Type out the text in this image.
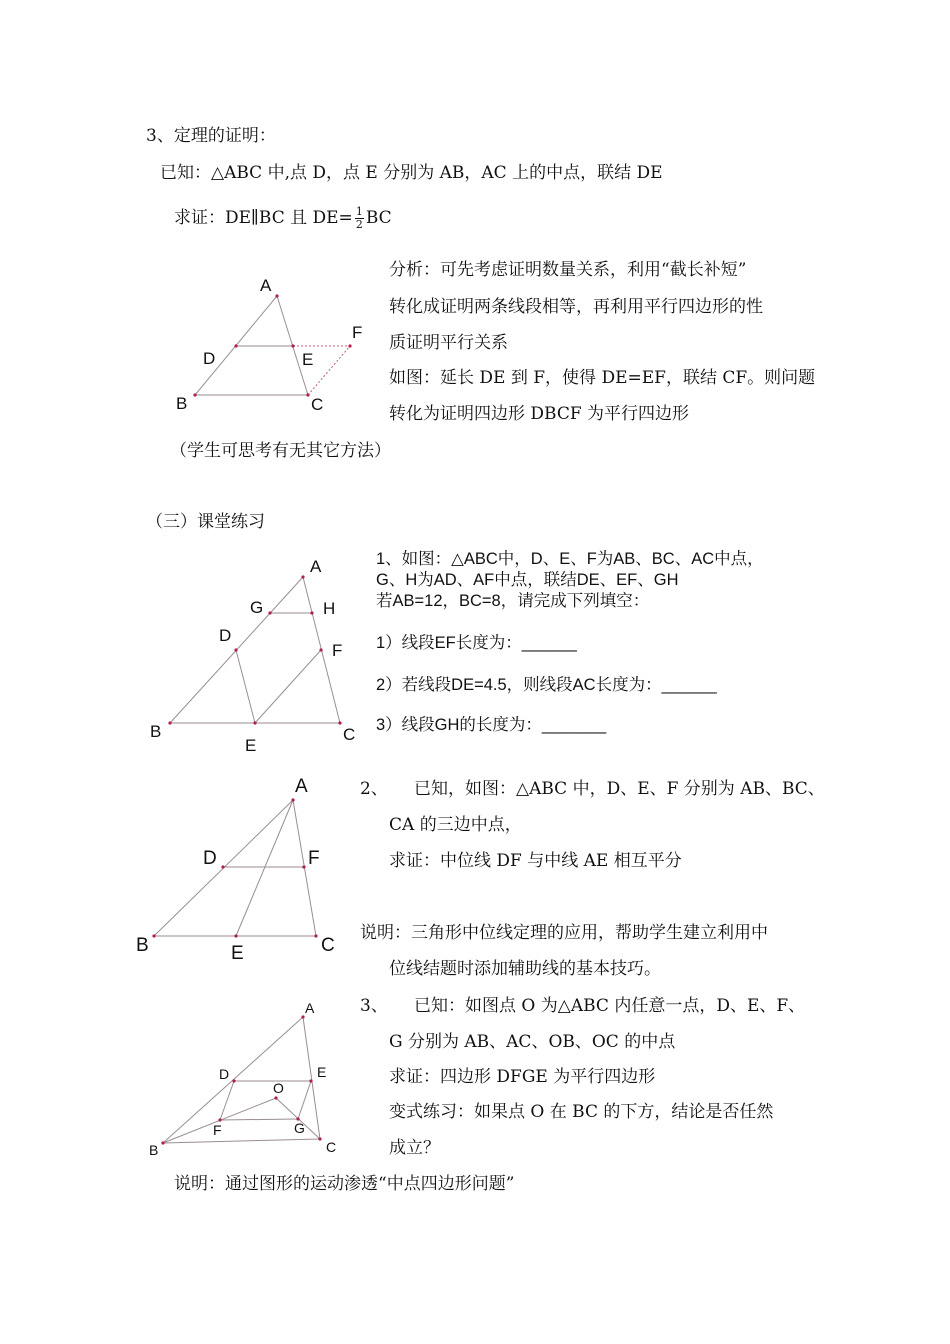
3、定理的证明：
已知：△ABC 中,点 D，点 E 分别为 AB，AC 上的中点，联结 DE
求证：DE∥BC 且 $DE= \frac{1}{2}$ BC
分析：可先考虑证明数量关系，利用“截长补短”
转化成证明两条线段相等，再利用平行四边形的性
质证明平行关系
如图：延长 DE 到 F，使得 DE=EF，联结 CF。则问题
转化为证明四边形 DBCF 为平行四边形
（学生可思考有无其它方法）
（三）课堂练习
1、如图：△ABC中，D、E、F为AB、BC、AC中点，
G、H为AD、AF中点，联结DE、EF、GH
若AB=12，BC=8，请完成下列填空：
1）线段EF长度为：______
2）若线段DE=4.5，则线段AC长度为：______
3）线段GH的长度为：_______
2、 已知，如图：△ABC 中，D、E、F 分别为 AB、BC、
CA 的三边中点，
求证：中位线 DF 与中线 AE 相互平分
说明：三角形中位线定理的应用，帮助学生建立利用中
位线结题时添加辅助线的基本技巧。
3、 已知：如图点 O 为△ABC 内任意一点，D、E、F、
G 分别为 AB、AC、OB、OC 的中点
求证：四边形 DFGE 为平行四边形
变式练习：如果点 O 在 BC 的下方，结论是否任然
成立？
说明：通过图形的运动渗透“中点四边形问题”
A
D	E
F
B	C
A
G	H
D
F
B
E
C
A
D	F
B	E	C
A
D	E
O
F	G
B	C
